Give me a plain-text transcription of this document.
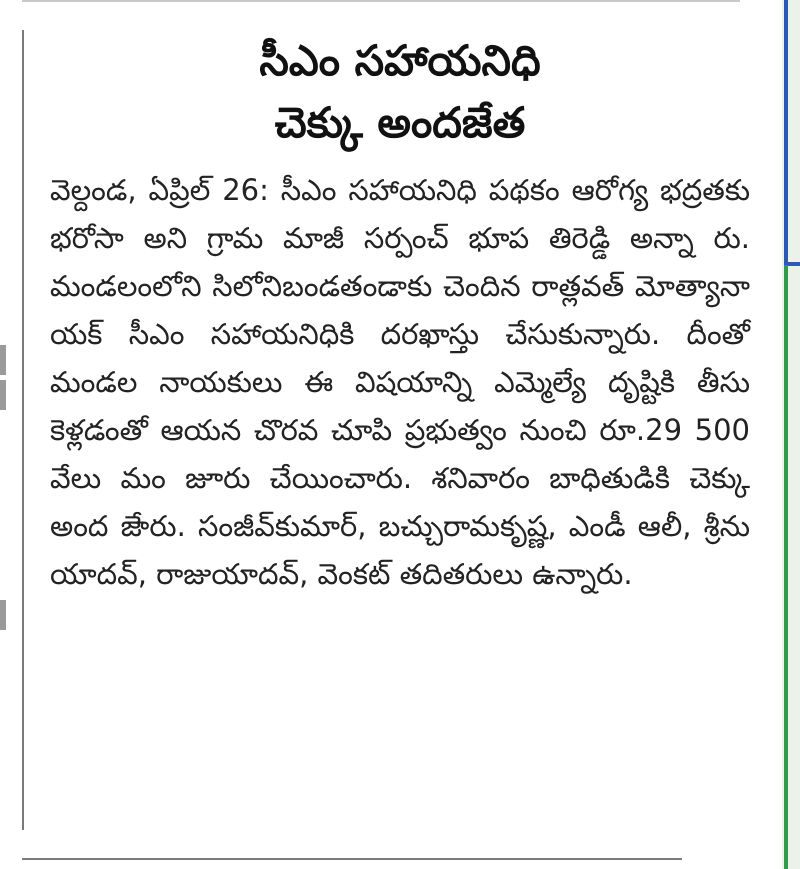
సీఎం సహాయనిధి
చెక్కు అందజేత
వెల్దండ, ఏప్రిల్ 26: సీఎం సహాయనిధి పథకం ఆరోగ్య భద్రతకు భరోసా అని గ్రామ మాజీ సర్పంచ్ భూప తిరెడ్డి అన్నా రు. మండలంలోని సిలోనిబండతండాకు చెందిన రాత్లవత్ మోత్యానా యక్ సీఎం సహాయనిధికి దరఖాస్తు చేసుకున్నారు. దీంతో మండల నాయకులు ఈ విషయాన్ని ఎమ్మెల్యే దృష్టికి తీసు కెళ్లడంతో ఆయన చొరవ చూపి ప్రభుత్వం నుంచి రూ.29 500 వేలు మం జూరు చేయించారు. శనివారం బాధితుడికి చెక్కు అంద జేారు. సంజీవ్‌కుమార్, బచ్చురామకృష్ణ, ఎండీ ఆలీ, శ్రీను యాదవ్, రాజుయాదవ్, వెంకట్ తదితరులు ఉన్నారు.
